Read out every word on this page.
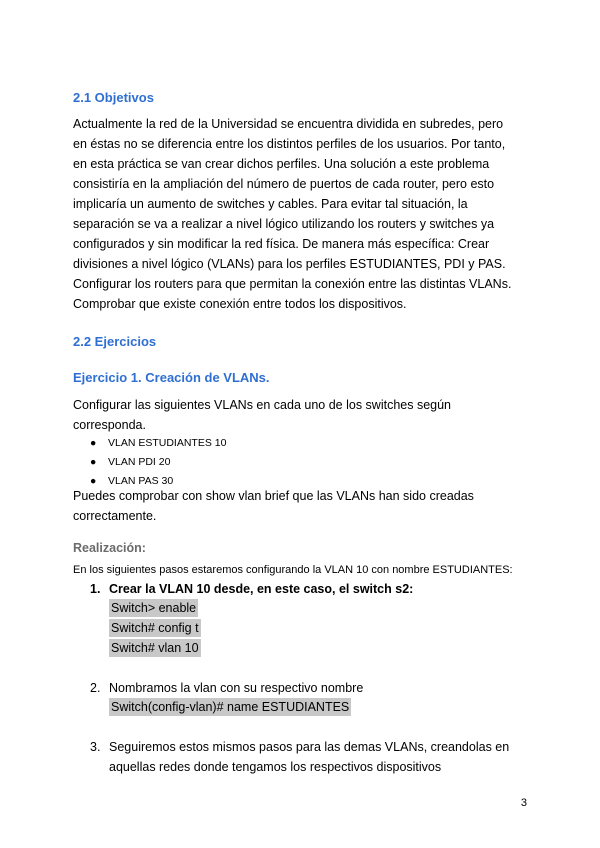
2.1 Objetivos

Actualmente la red de la Universidad se encuentra dividida en subredes, pero
en éstas no se diferencia entre los distintos perfiles de los usuarios. Por tanto,
en esta práctica se van crear dichos perfiles. Una solución a este problema
consistiría en la ampliación del número de puertos de cada router, pero esto
implicaría un aumento de switches y cables. Para evitar tal situación, la
separación se va a realizar a nivel lógico utilizando los routers y switches ya
configurados y sin modificar la red física. De manera más específica: Crear
divisiones a nivel lógico (VLANs) para los perfiles ESTUDIANTES, PDI y PAS.
Configurar los routers para que permitan la conexión entre las distintas VLANs.
Comprobar que existe conexión entre todos los dispositivos.

2.2 Ejercicios
Ejercicio 1. Creación de VLANs.

Configurar las siguientes VLANs en cada uno de los switches según
corresponda.

● VLAN ESTUDIANTES 10
● VLAN PDI 20
● VLAN PAS 30

Puedes comprobar con show vlan brief que las VLANs han sido creadas
correctamente.

Realización:

En los siguientes pasos estaremos configurando la VLAN 10 con nombre ESTUDIANTES:

1. Crear la VLAN 10 desde, en este caso, el switch s2:

Switch> enable
Switch# config t
Switch# vlan 10

2. Nombramos la vlan con su respectivo nombre

Switch(config-vlan)# name ESTUDIANTES

3. Seguiremos estos mismos pasos para las demas VLANs, creandolas en
aquellas redes donde tengamos los respectivos dispositivos

3
